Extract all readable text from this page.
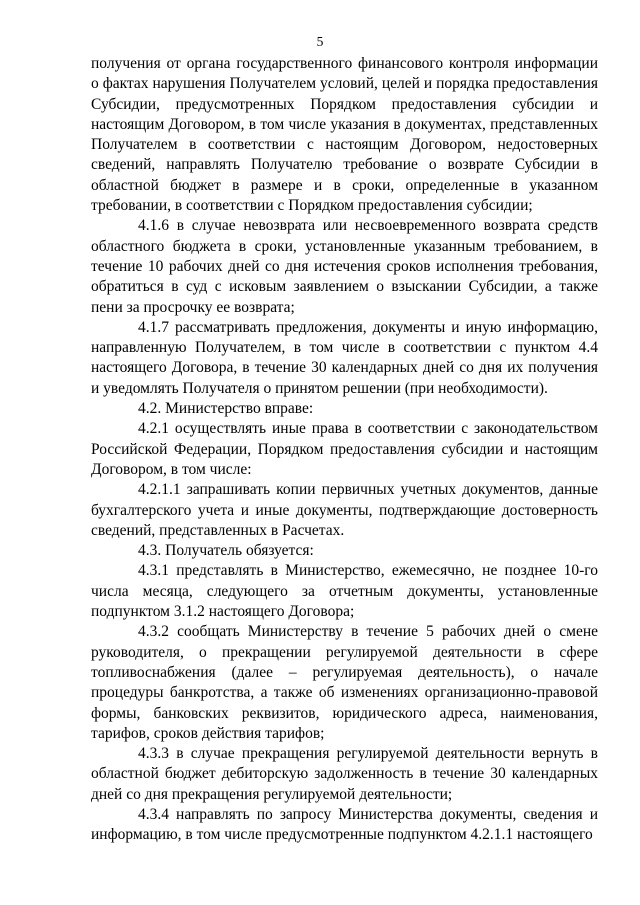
5

получения от органа государственного финансового контроля информации о фактах нарушения Получателем условий, целей и порядка предоставления Субсидии, предусмотренных Порядком предоставления субсидии и настоящим Договором, в том числе указания в документах, представленных Получателем в соответствии с настоящим Договором, недостоверных сведений, направлять Получателю требование о возврате Субсидии в областной бюджет в размере и в сроки, определенные в указанном требовании, в соответствии с Порядком предоставления субсидии;

4.1.6 в случае невозврата или несвоевременного возврата средств областного бюджета в сроки, установленные указанным требованием, в течение 10 рабочих дней со дня истечения сроков исполнения требования, обратиться в суд с исковым заявлением о взыскании Субсидии, а также пени за просрочку ее возврата;

4.1.7 рассматривать предложения, документы и иную информацию, направленную Получателем, в том числе в соответствии с пунктом 4.4 настоящего Договора, в течение 30 календарных дней со дня их получения и уведомлять Получателя о принятом решении (при необходимости).

4.2. Министерство вправе:

4.2.1 осуществлять иные права в соответствии с законодательством Российской Федерации, Порядком предоставления субсидии и настоящим Договором, в том числе:

4.2.1.1 запрашивать копии первичных учетных документов, данные бухгалтерского учета и иные документы, подтверждающие достоверность сведений, представленных в Расчетах.

4.3. Получатель обязуется:

4.3.1 представлять в Министерство, ежемесячно, не позднее 10-го числа месяца, следующего за отчетным документы, установленные подпунктом 3.1.2 настоящего Договора;

4.3.2 сообщать Министерству в течение 5 рабочих дней о смене руководителя, о прекращении регулируемой деятельности в сфере топливоснабжения (далее – регулируемая деятельность), о начале процедуры банкротства, а также об изменениях организационно-правовой формы, банковских реквизитов, юридического адреса, наименования, тарифов, сроков действия тарифов;

4.3.3 в случае прекращения регулируемой деятельности вернуть в областной бюджет дебиторскую задолженность в течение 30 календарных дней со дня прекращения регулируемой деятельности;

4.3.4 направлять по запросу Министерства документы, сведения и информацию, в том числе предусмотренные подпунктом 4.2.1.1 настоящего
